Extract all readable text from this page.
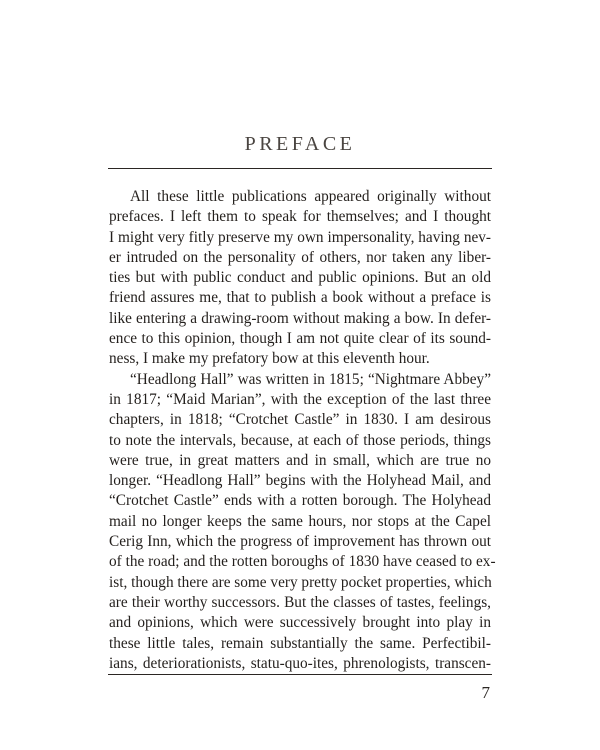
PREFACE
All these little publications appeared originally without
prefaces. I left them to speak for themselves; and I thought
I might very fitly preserve my own impersonality, having nev-
er intruded on the personality of others, nor taken any liber-
ties but with public conduct and public opinions. But an old
friend assures me, that to publish a book without a preface is
like entering a drawing-room without making a bow. In defer-
ence to this opinion, though I am not quite clear of its sound-
ness, I make my prefatory bow at this eleventh hour.
“Headlong Hall” was written in 1815; “Nightmare Abbey”
in 1817; “Maid Marian”, with the exception of the last three
chapters, in 1818; “Crotchet Castle” in 1830. I am desirous
to note the intervals, because, at each of those periods, things
were true, in great matters and in small, which are true no
longer. “Headlong Hall” begins with the Holyhead Mail, and
“Crotchet Castle” ends with a rotten borough. The Holyhead
mail no longer keeps the same hours, nor stops at the Capel
Cerig Inn, which the progress of improvement has thrown out
of the road; and the rotten boroughs of 1830 have ceased to ex-
ist, though there are some very pretty pocket properties, which
are their worthy successors. But the classes of tastes, feelings,
and opinions, which were successively brought into play in
these little tales, remain substantially the same. Perfectibil-
ians, deteriorationists, statu-quo-ites, phrenologists, transcen-
7
